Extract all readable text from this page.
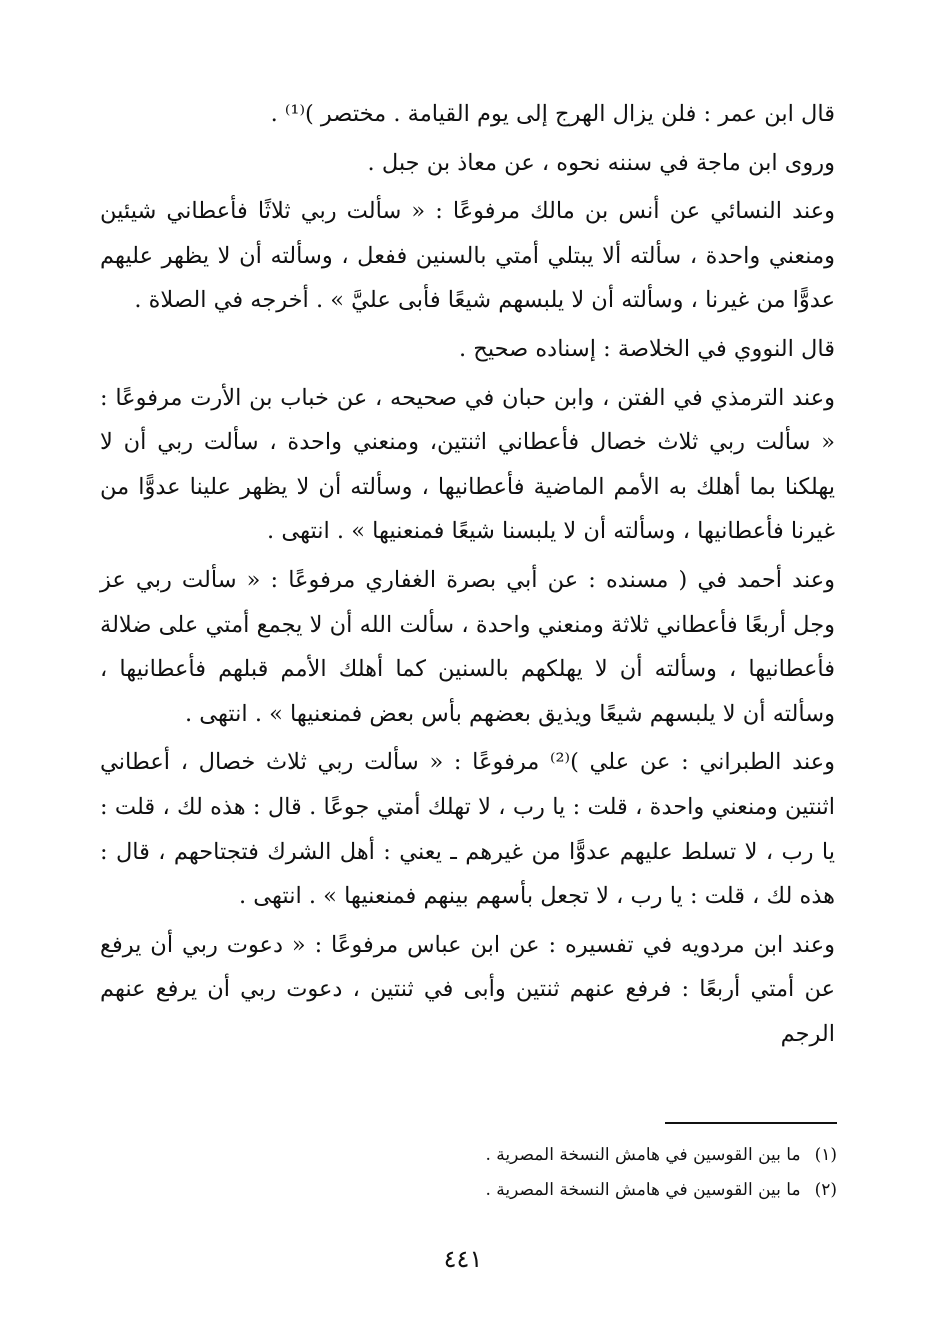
قال ابن عمر : فلن يزال الهرج إلى يوم القيامة . مختصر )⁽¹⁾ .

وروى ابن ماجة في سننه نحوه ، عن معاذ بن جبل .

وعند النسائي عن أنس بن مالك مرفوعًا : « سألت ربي ثلاثًا فأعطاني شيئين ومنعني واحدة ، سألته ألا يبتلي أمتي بالسنين ففعل ، وسألته أن لا يظهر عليهم عدوًّا من غيرنا ، وسألته أن لا يلبسهم شيعًا فأبى عليَّ » . أخرجه في الصلاة .

قال النووي في الخلاصة : إسناده صحيح .

وعند الترمذي في الفتن ، وابن حبان في صحيحه ، عن خباب بن الأرت مرفوعًا : « سألت ربي ثلاث خصال فأعطاني اثنتين، ومنعني واحدة ، سألت ربي أن لا يهلكنا بما أهلك به الأمم الماضية فأعطانيها ، وسألته أن لا يظهر علينا عدوًّا من غيرنا فأعطانيها ، وسألته أن لا يلبسنا شيعًا فمنعنيها » . انتهى .

وعند أحمد في ( مسنده : عن أبي بصرة الغفاري مرفوعًا : « سألت ربي عز وجل أربعًا فأعطاني ثلاثة ومنعني واحدة ، سألت الله أن لا يجمع أمتي على ضلالة فأعطانيها ، وسألته أن لا يهلكهم بالسنين كما أهلك الأمم قبلهم فأعطانيها ، وسألته أن لا يلبسهم شيعًا ويذيق بعضهم بأس بعض فمنعنيها » . انتهى .

وعند الطبراني : عن علي )⁽²⁾ مرفوعًا : « سألت ربي ثلاث خصال ، أعطاني اثنتين ومنعني واحدة ، قلت : يا رب ، لا تهلك أمتي جوعًا . قال : هذه لك ، قلت : يا رب ، لا تسلط عليهم عدوًّا من غيرهم ـ يعني : أهل الشرك فتجتاحهم ، قال : هذه لك ، قلت : يا رب ، لا تجعل بأسهم بينهم فمنعنيها » . انتهى .

وعند ابن مردويه في تفسيره : عن ابن عباس مرفوعًا : « دعوت ربي أن يرفع عن أمتي أربعًا : فرفع عنهم ثنتين وأبى في ثنتين ، دعوت ربي أن يرفع عنهم الرجم

(١)ما بين القوسين في هامش النسخة المصرية .

(٢)ما بين القوسين في هامش النسخة المصرية .

٤٤١
